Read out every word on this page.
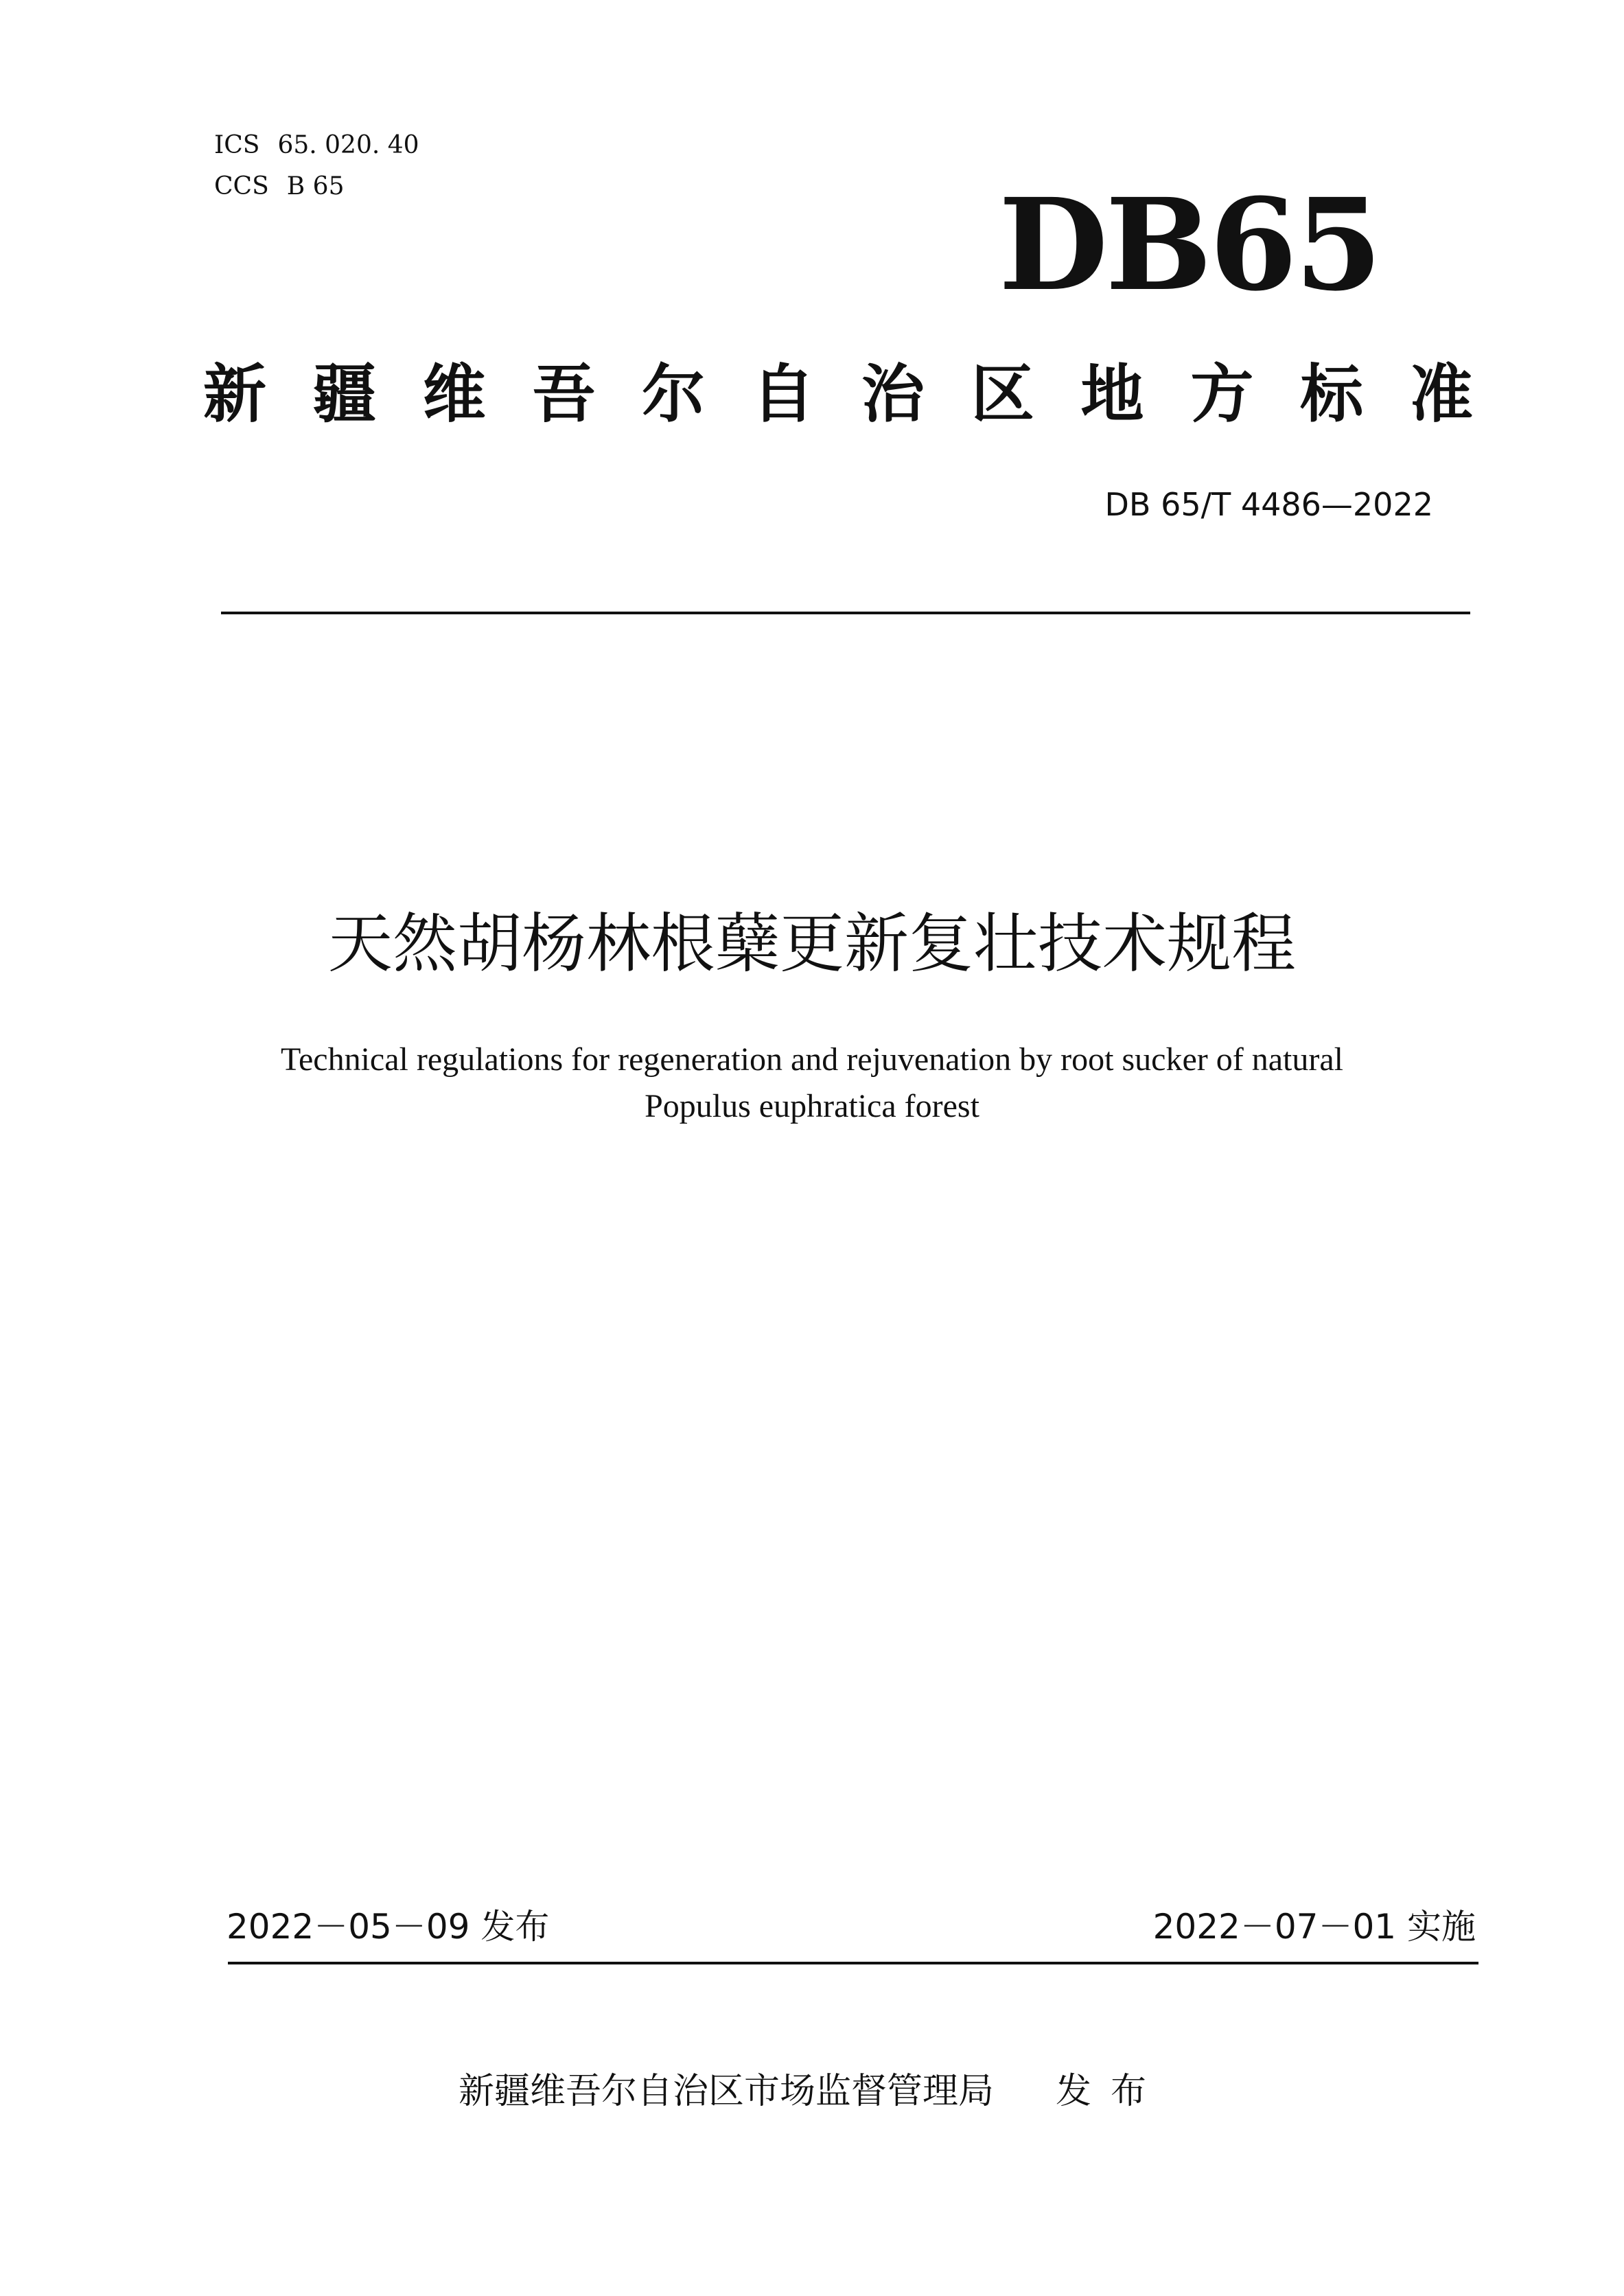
ICS 65. 020. 40
CCS B 65	DB65
新 疆 维 吾 尔 自 治 区 地 方 标 准
DB 65/T 4486—2022
天然胡杨林根蘖更新复壮技术规程
Technical regulations for regeneration and rejuvenation by root sucker of natural
Populus euphratica forest
2022－05－09 发布	2022－07－01 实施
新疆维吾尔自治区市场监督管理局 发布
